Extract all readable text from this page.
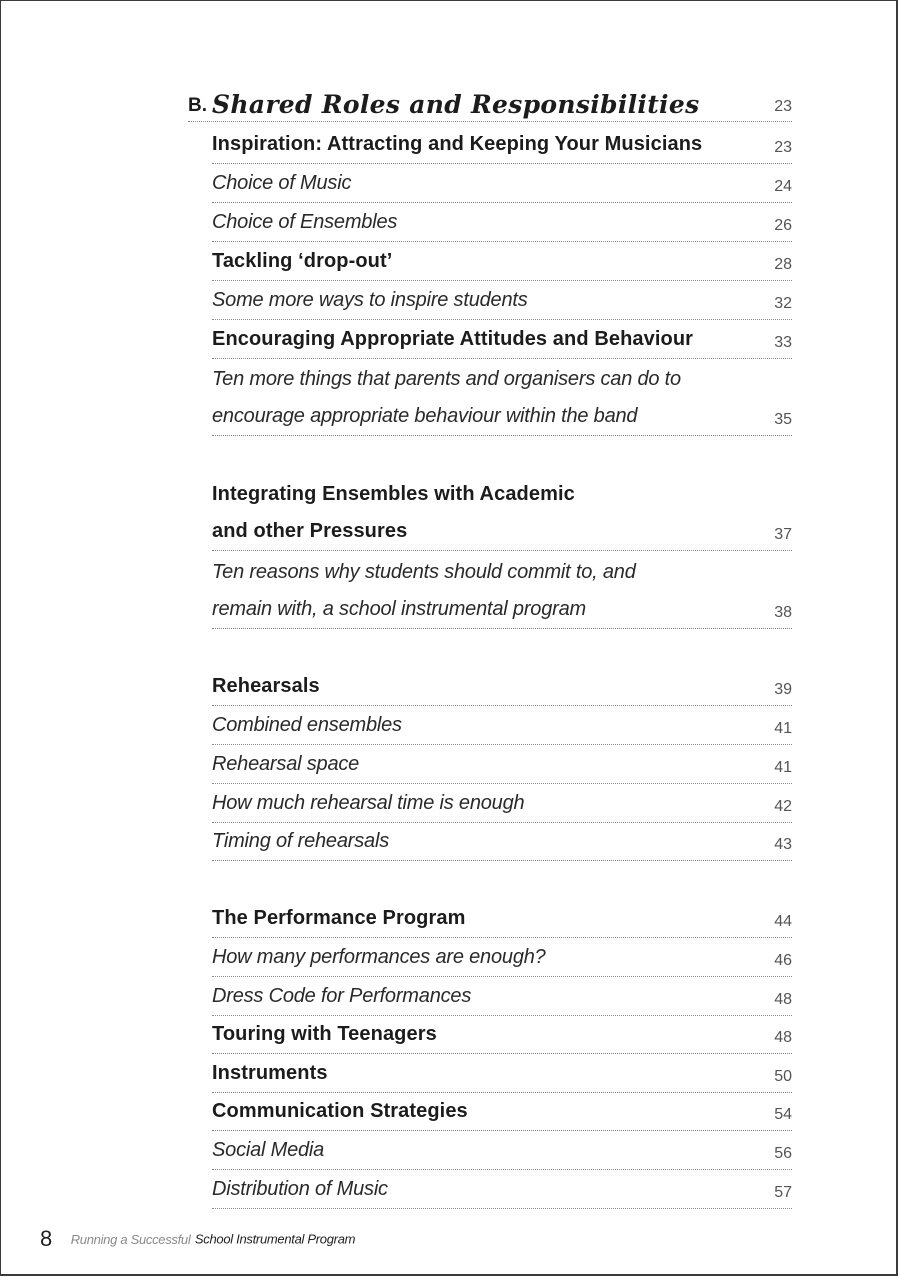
B. Shared Roles and Responsibilities	23
Inspiration: Attracting and Keeping Your Musicians	23
Choice of Music	24
Choice of Ensembles	26
Tackling ‘drop-out’	28
Some more ways to inspire students	32
Encouraging Appropriate Attitudes and Behaviour	33
Ten more things that parents and organisers can do to
encourage appropriate behaviour within the band	35
Integrating Ensembles with Academic
and other Pressures	37
Ten reasons why students should commit to, and
remain with, a school instrumental program	38
Rehearsals	39
Combined ensembles	41
Rehearsal space	41
How much rehearsal time is enough	42
Timing of rehearsals	43
The Performance Program	44
How many performances are enough?	46
Dress Code for Performances	48
Touring with Teenagers	48
Instruments	50
Communication Strategies	54
Social Media	56
Distribution of Music	57
8 Running a Successful School Instrumental Program
